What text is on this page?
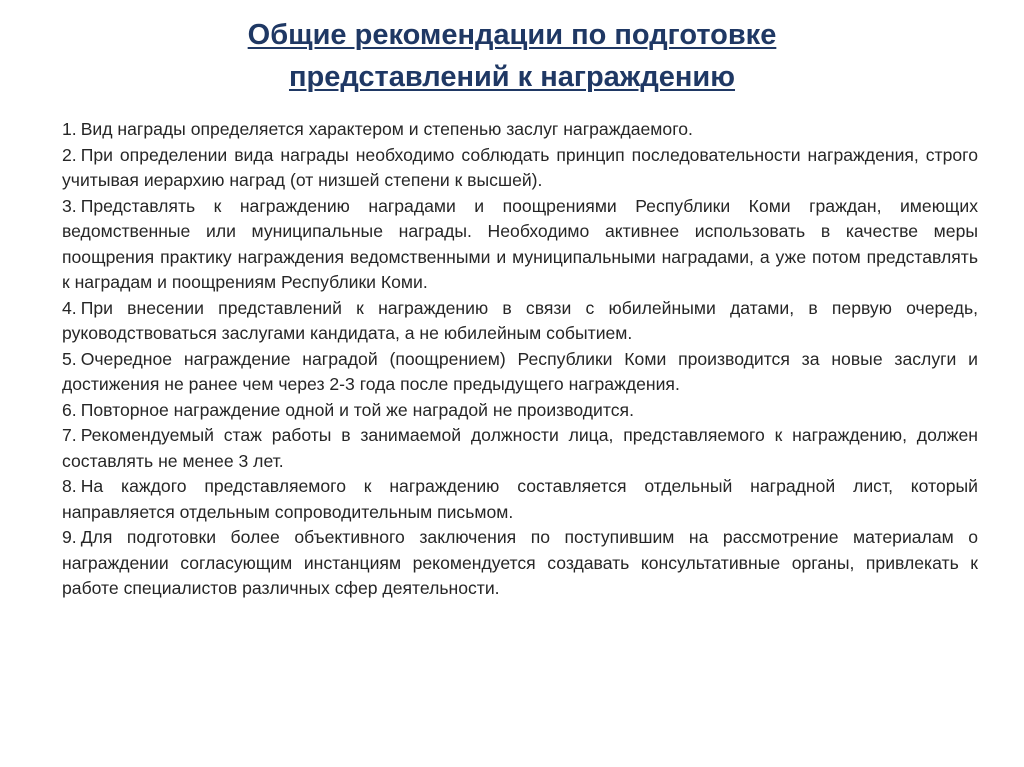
Общие рекомендации по подготовке
представлений к награждению
1. Вид награды определяется характером и степенью заслуг награждаемого.
2. При определении вида награды необходимо соблюдать принцип последовательности награждения, строго учитывая иерархию наград (от низшей степени к высшей).
3. Представлять к награждению наградами и поощрениями Республики Коми граждан, имеющих ведомственные или муниципальные награды. Необходимо активнее использовать в качестве меры поощрения практику награждения ведомственными и муниципальными наградами, а уже потом представлять к наградам и поощрениям Республики Коми.
4. При внесении представлений к награждению в связи с юбилейными датами, в первую очередь, руководствоваться заслугами кандидата, а не юбилейным событием.
5. Очередное награждение наградой (поощрением) Республики Коми производится за новые заслуги и достижения не ранее чем через 2-3 года после предыдущего награждения.
6. Повторное награждение одной и той же наградой не производится.
7. Рекомендуемый стаж работы в занимаемой должности лица, представляемого к награждению, должен составлять не менее 3 лет.
8. На каждого представляемого к награждению составляется отдельный наградной лист, который направляется отдельным сопроводительным письмом.
9. Для подготовки более объективного заключения по поступившим на рассмотрение материалам о награждении согласующим инстанциям рекомендуется создавать консультативные органы, привлекать к работе специалистов различных сфер деятельности.
